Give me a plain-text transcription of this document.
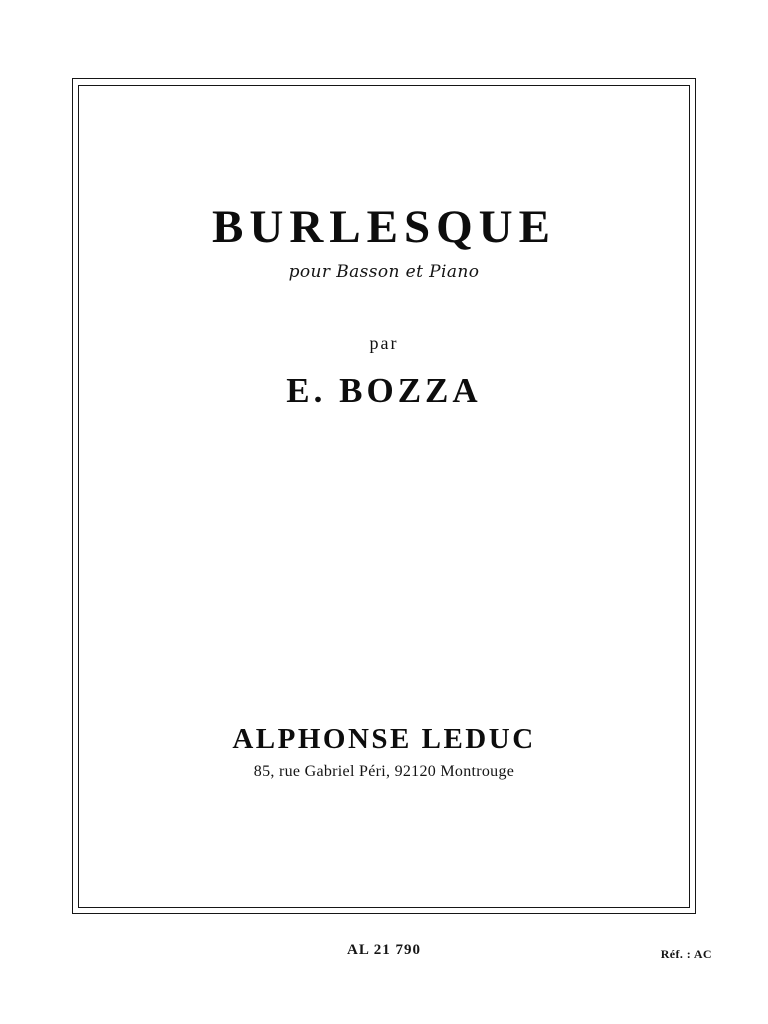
BURLESQUE
pour Basson et Piano
par
E. BOZZA
ALPHONSE LEDUC
85, rue Gabriel Péri, 92120 Montrouge
AL 21 790	Réf. : AC
